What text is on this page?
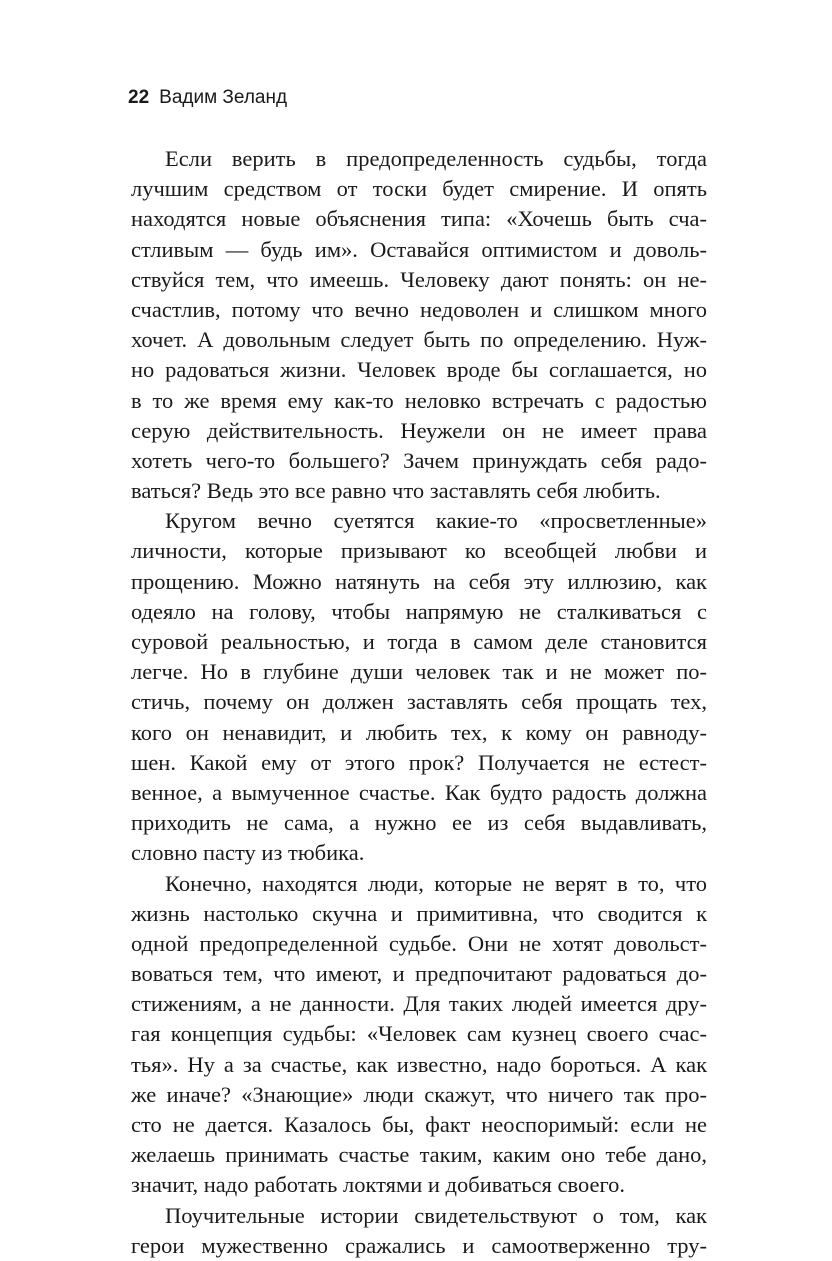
22 Вадим Зеланд
Если верить в предопределенность судьбы, тогда
лучшим средством от тоски будет смирение. И опять
находятся новые объяснения типа: «Хочешь быть сча-
стливым — будь им». Оставайся оптимистом и доволь-
ствуйся тем, что имеешь. Человеку дают понять: он не-
счастлив, потому что вечно недоволен и слишком много
хочет. А довольным следует быть по определению. Нуж-
но радоваться жизни. Человек вроде бы соглашается, но
в то же время ему как-то неловко встречать с радостью
серую действительность. Неужели он не имеет права
хотеть чего-то большего? Зачем принуждать себя радо-
ваться? Ведь это все равно что заставлять себя любить.
Кругом вечно суетятся какие-то «просветленные»
личности, которые призывают ко всеобщей любви и
прощению. Можно натянуть на себя эту иллюзию, как
одеяло на голову, чтобы напрямую не сталкиваться с
суровой реальностью, и тогда в самом деле становится
легче. Но в глубине души человек так и не может по-
стичь, почему он должен заставлять себя прощать тех,
кого он ненавидит, и любить тех, к кому он равноду-
шен. Какой ему от этого прок? Получается не естест-
венное, а вымученное счастье. Как будто радость должна
приходить не сама, а нужно ее из себя выдавливать,
словно пасту из тюбика.
Конечно, находятся люди, которые не верят в то, что
жизнь настолько скучна и примитивна, что сводится к
одной предопределенной судьбе. Они не хотят довольст-
воваться тем, что имеют, и предпочитают радоваться до-
стижениям, а не данности. Для таких людей имеется дру-
гая концепция судьбы: «Человек сам кузнец своего счас-
тья». Ну а за счастье, как известно, надо бороться. А как
же иначе? «Знающие» люди скажут, что ничего так про-
сто не дается. Казалось бы, факт неоспоримый: если не
желаешь принимать счастье таким, каким оно тебе дано,
значит, надо работать локтями и добиваться своего.
Поучительные истории свидетельствуют о том, как
герои мужественно сражались и самоотверженно тру-
